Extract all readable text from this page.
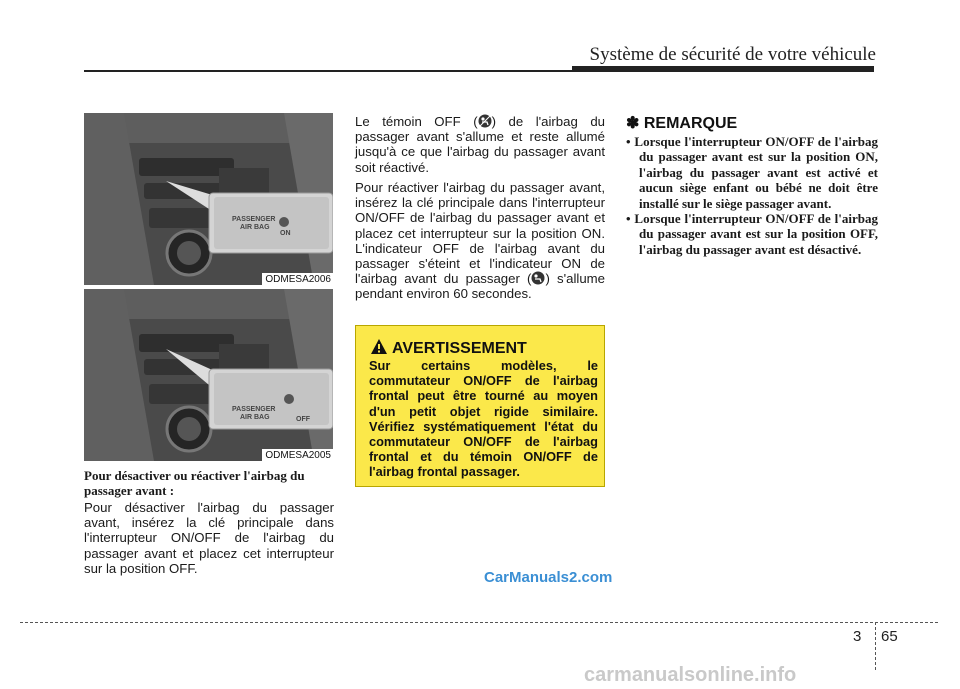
Système de sécurité de votre véhicule
PASSENGER
AIR BAG
ON
ODMESA2006
PASSENGER
AIR BAG	OFF
ODMESA2005
Pour désactiver ou réactiver l'airbag du passager avant :
Pour désactiver l'airbag du passager avant, insérez la clé principale dans l'interrupteur ON/OFF de l'airbag du passager avant et placez cet interrupteur sur la position OFF.
Le témoin OFF ( ) de l'airbag du passager avant s'allume et reste allumé jusqu'à ce que l'airbag du passager avant soit réactivé.
Pour réactiver l'airbag du passager avant, insérez la clé principale dans l'interrupteur ON/OFF de l'airbag du passager avant et placez cet interrupteur sur la position ON. L'indicateur OFF de l'airbag avant du passager s'éteint et l'indicateur ON de l'airbag avant du passager ( ) s'allume pendant environ 60 secondes.
AVERTISSEMENT
Sur certains modèles, le commutateur ON/OFF de l'airbag frontal peut être tourné au moyen d'un petit objet rigide similaire. Vérifiez systématiquement l'état du commutateur ON/OFF de l'airbag frontal et du témoin ON/OFF de l'airbag frontal passager.
✽ REMARQUE
• Lorsque l'interrupteur ON/OFF de l'airbag du passager avant est sur la position ON, l'airbag du passager avant est activé et aucun siège enfant ou bébé ne doit être installé sur le siège passager avant.
• Lorsque l'interrupteur ON/OFF de l'airbag du passager avant est sur la position OFF, l'airbag du passager avant est désactivé.
3 65
CarManuals2.com
carmanualsonline.info
